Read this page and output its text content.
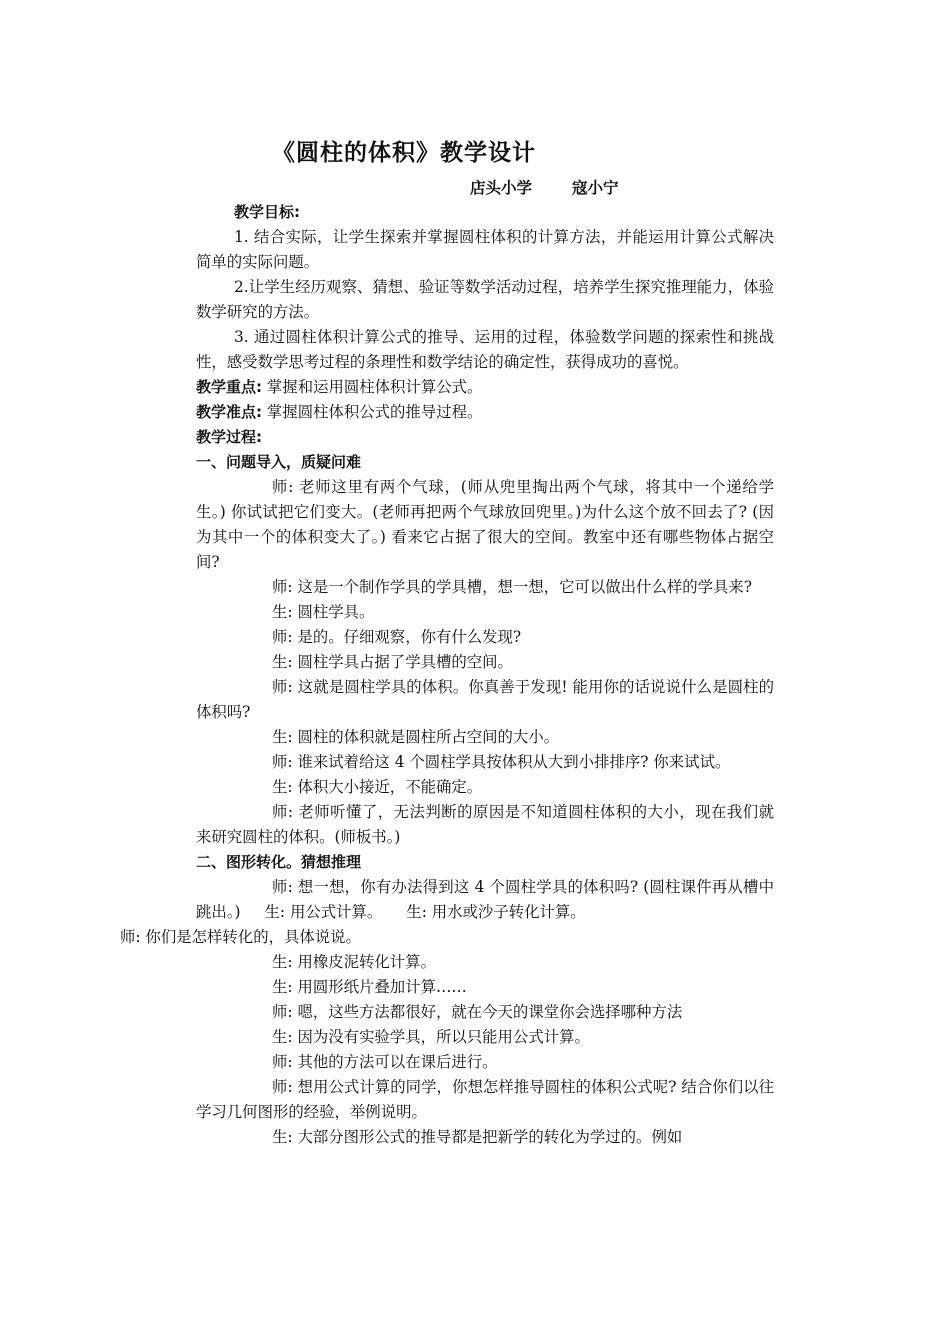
《圆柱的体积》教学设计
店头小学	寇小宁

教学目标:

1. 结合实际，让学生探索并掌握圆柱体积的计算方法，并能运用计算公式解决简单的实际问题。

2.让学生经历观察、猜想、验证等数学活动过程，培养学生探究推理能力，体验数学研究的方法。

3. 通过圆柱体积计算公式的推导、运用的过程，体验数学问题的探索性和挑战性，感受数学思考过程的条理性和数学结论的确定性，获得成功的喜悦。

教学重点: 掌握和运用圆柱体积计算公式。

教学准点: 掌握圆柱体积公式的推导过程。

教学过程:

一、问题导入，质疑问难

师: 老师这里有两个气球，(师从兜里掏出两个气球，将其中一个递给学生。) 你试试把它们变大。(老师再把两个气球放回兜里。)为什么这个放不回去了? (因为其中一个的体积变大了。) 看来它占据了很大的空间。教室中还有哪些物体占据空间?

师: 这是一个制作学具的学具槽，想一想，它可以做出什么样的学具来?

生: 圆柱学具。

师: 是的。仔细观察，你有什么发现?

生: 圆柱学具占据了学具槽的空间。

师: 这就是圆柱学具的体积。你真善于发现! 能用你的话说说什么是圆柱的体积吗?

生: 圆柱的体积就是圆柱所占空间的大小。

师: 谁来试着给这 4 个圆柱学具按体积从大到小排排序? 你来试试。

生: 体积大小接近，不能确定。

师: 老师听懂了，无法判断的原因是不知道圆柱体积的大小，现在我们就来研究圆柱的体积。(师板书。)

二、图形转化。猜想推理

师: 想一想，你有办法得到这 4 个圆柱学具的体积吗? (圆柱课件再从槽中跳出。) 生: 用公式计算。 生: 用水或沙子转化计算。
师: 你们是怎样转化的，具体说说。

生: 用橡皮泥转化计算。

生: 用圆形纸片叠加计算……

师: 嗯，这些方法都很好，就在今天的课堂你会选择哪种方法

生: 因为没有实验学具，所以只能用公式计算。

师: 其他的方法可以在课后进行。

师: 想用公式计算的同学，你想怎样推导圆柱的体积公式呢? 结合你们以往学习几何图形的经验，举例说明。

生: 大部分图形公式的推导都是把新学的转化为学过的。例如
